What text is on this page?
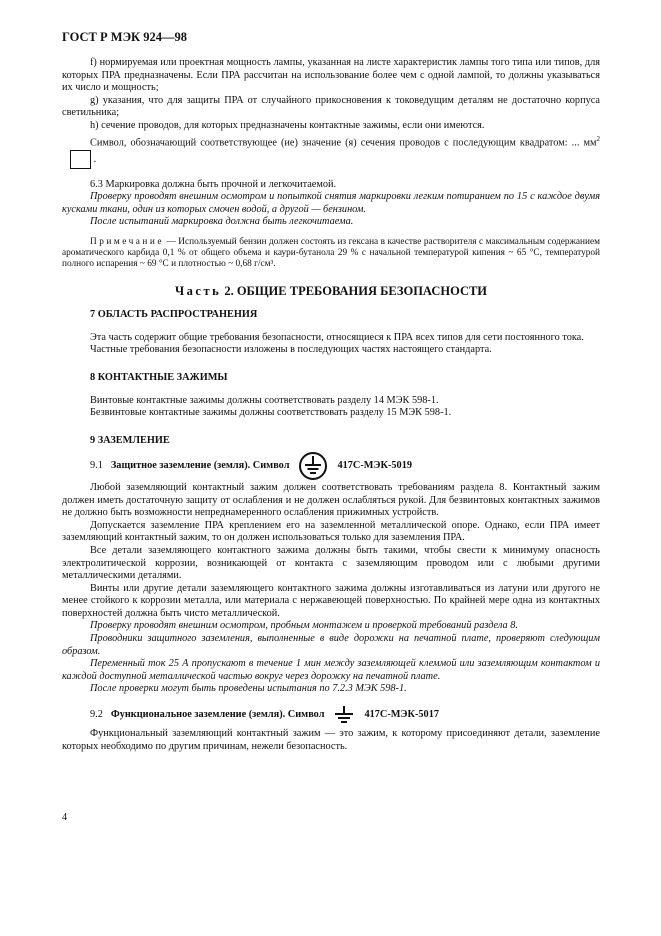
ГОСТ Р МЭК 924—98

f) нормируемая или проектная мощность лампы, указанная на листе характеристик лампы того типа или типов, для которых ПРА предназначены. Если ПРА рассчитан на использование более чем с одной лампой, то должны указываться их число и мощность;

g) указания, что для защиты ПРА от случайного прикосновения к токоведущим деталям не достаточно корпуса светильника;

h) сечение проводов, для которых предназначены контактные зажимы, если они имеются.

Символ, обозначающий соответствующее (ие) значение (я) сечения проводов с последующим квадратом: ... $мм^2$ .

6.3 Маркировка должна быть прочной и легкочитаемой.

Проверку проводят внешним осмотром и попыткой снятия маркировки легким потиранием по 15 с каждое двумя кусками ткани, один из которых смочен водой, а другой — бензином.

После испытаний маркировка должна быть легкочитаема.

Примечание — Используемый бензин должен состоять из гексана в качестве растворителя с максимальным содержанием ароматического карбида 0,1 % от общего объема и каури-бутанола 29 % с начальной температурой кипения ~ 65 °С, температурой полного испарения ~ 69 °С и плотностью ~ 0,68 г/см³.

Часть 2. ОБЩИЕ ТРЕБОВАНИЯ БЕЗОПАСНОСТИ
7 ОБЛАСТЬ РАСПРОСТРАНЕНИЯ

Эта часть содержит общие требования безопасности, относящиеся к ПРА всех типов для сети постоянного тока.

Частные требования безопасности изложены в последующих частях настоящего стандарта.

8 КОНТАКТНЫЕ ЗАЖИМЫ

Винтовые контактные зажимы должны соответствовать разделу 14 МЭК 598-1.

Безвинтовые контактные зажимы должны соответствовать разделу 15 МЭК 598-1.

9 ЗАЗЕМЛЕНИЕ
9.1 Защитное заземление (земля). Символ	417С-МЭК-5019

Любой заземляющий контактный зажим должен соответствовать требованиям раздела 8. Контактный зажим должен иметь достаточную защиту от ослабления и не должен ослабляться рукой. Для безвинтовых контактных зажимов не должно быть возможности непреднамеренного ослабления прижимных устройств.

Допускается заземление ПРА креплением его на заземленной металлической опоре. Однако, если ПРА имеет заземляющий контактный зажим, то он должен использоваться только для заземления ПРА.

Все детали заземляющего контактного зажима должны быть такими, чтобы свести к минимуму опасность электролитической коррозии, возникающей от контакта с заземляющим проводом или с любыми другими металлическими деталями.

Винты или другие детали заземляющего контактного зажима должны изготавливаться из латуни или другого не менее стойкого к коррозии металла, или материала с нержавеющей поверхностью. По крайней мере одна из контактных поверхностей должна быть чисто металлической.

Проверку проводят внешним осмотром, пробным монтажем и проверкой требований раздела 8.

Проводники защитного заземления, выполненные в виде дорожки на печатной плате, проверяют следующим образом.

Переменный ток 25 А пропускают в течение 1 мин между заземляющей клеммой или заземляющим контактом и каждой доступной металлической частью вокруг через дорожку на печатной плате.

После проверки могут быть проведены испытания по 7.2.3 МЭК 598-1.

9.2 Функциональное заземление (земля). Символ	417С-МЭК-5017

Функциональный заземляющий контактный зажим — это зажим, к которому присоединяют детали, заземление которых необходимо по другим причинам, нежели безопасность.

4
